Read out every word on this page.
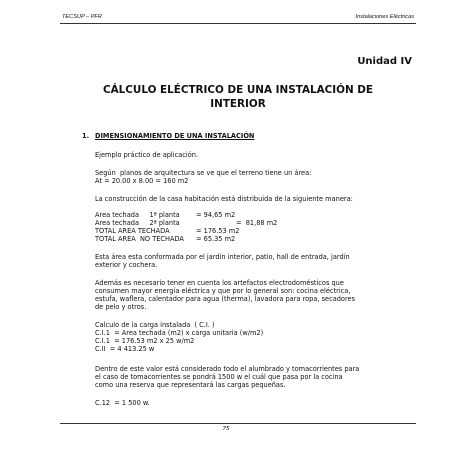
TECSUP – PFR	Instalaciones Eléctricas
Unidad IV
CÁLCULO ELÉCTRICO DE UNA INSTALACIÓN DE
INTERIOR
1. DIMENSIONAMIENTO DE UNA INSTALACIÓN
Ejemplo práctico de aplicación.
Según  planos de arquitectura se ve que el terreno tiene un área:
At = 20.00 x 8.00 = 160 m2
La construcción de la casa habitación está distribuida de la siguiente manera:
Area techada     1ª planta = 94,65 m2
Area techada     2ª planta	=  81,88 m2
TOTAL AREA TECHADA	= 176.53 m2
TOTAL AREA  NO TECHADA = 65.35 m2
Esta área esta conformada por el jardín interior, patio, hall de entrada, jardín
exterior y cochera.
Además es necesario tener en cuenta los artefactos electrodomésticos que
consumen mayor energía eléctrica y que por lo general son: cocina eléctrica,
estufa, waflera, calentador para agua (therma), lavadora para ropa, secadores
de pelo y otros.
Calculo de la carga instalada  ( C.I. )
C.I.1  = Area techada (m2) x carga unitaria (w/m2)
C.I.1  = 176.53 m2 x 25 w/m2
C.II  = 4 413.25 w
Dentro de este valor está considerado todo el alumbrado y tomacorrientes para
el caso de tomacorrientes se pondrá 1500 w el cuál que pasa por la cocina
como una reserva que representará las cargas pequeñas.
C.12  = 1 500 w.
75
